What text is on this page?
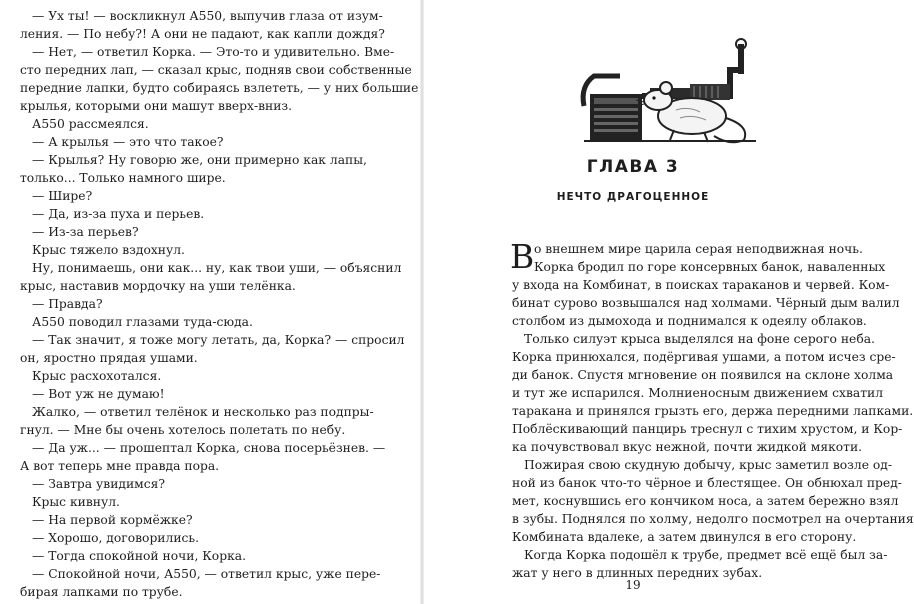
— Ух ты! — воскликнул А550, выпучив глаза от изум-
ления. — По небу?! А они не падают, как капли дождя?
— Нет, — ответил Корка. — Это-то и удивительно. Вме-
сто передних лап, — сказал крыс, подняв свои собственные
передние лапки, будто собираясь взлететь, — у них большие
крылья, которыми они машут вверх-вниз.
А550 рассмеялся.
— А крылья — это что такое?
— Крылья? Ну говорю же, они примерно как лапы,
только... Только намного шире.
— Шире?
— Да, из-за пуха и перьев.
— Из-за перьев?
Крыс тяжело вздохнул.
Ну, понимаешь, они как... ну, как твои уши, — объяснил
крыс, наставив мордочку на уши телёнка.
— Правда?
А550 поводил глазами туда-сюда.
— Так значит, я тоже могу летать, да, Корка? — спросил
он, яростно прядая ушами.
Крыс расхохотался.
— Вот уж не думаю!
Жалко, — ответил телёнок и несколько раз подпры-
гнул. — Мне бы очень хотелось полетать по небу.
— Да уж... — прошептал Корка, снова посерьёзнев. —
А вот теперь мне правда пора.
— Завтра увидимся?
Крыс кивнул.
— На первой кормёжке?
— Хорошо, договорились.
— Тогда спокойной ночи, Корка.
— Спокойной ночи, А550, — ответил крыс, уже пере-
бирая лапками по трубе.
ГЛАВА 3
НЕЧТО ДРАГОЦЕННОЕ
В о внешнем мире царила серая неподвижная ночь.
Корка бродил по горе консервных банок, наваленных
у входа на Комбинат, в поисках тараканов и червей. Ком-
бинат сурово возвышался над холмами. Чёрный дым валил
столбом из дымохода и поднимался к одеялу облаков.
Только силуэт крыса выделялся на фоне серого неба.
Корка принюхался, подёргивая ушами, а потом исчез сре-
ди банок. Спустя мгновение он появился на склоне холма
и тут же испарился. Молниеносным движением схватил
таракана и принялся грызть его, держа передними лапками.
Поблёскивающий панцирь треснул с тихим хрустом, и Кор-
ка почувствовал вкус нежной, почти жидкой мякоти.
Пожирая свою скудную добычу, крыс заметил возле од-
ной из банок что-то чёрное и блестящее. Он обнюхал пред-
мет, коснувшись его кончиком носа, а затем бережно взял
в зубы. Поднялся по холму, недолго посмотрел на очертания
Комбината вдалеке, а затем двинулся в его сторону.
Когда Корка подошёл к трубе, предмет всё ещё был за-
жат у него в длинных передних зубах.
19
